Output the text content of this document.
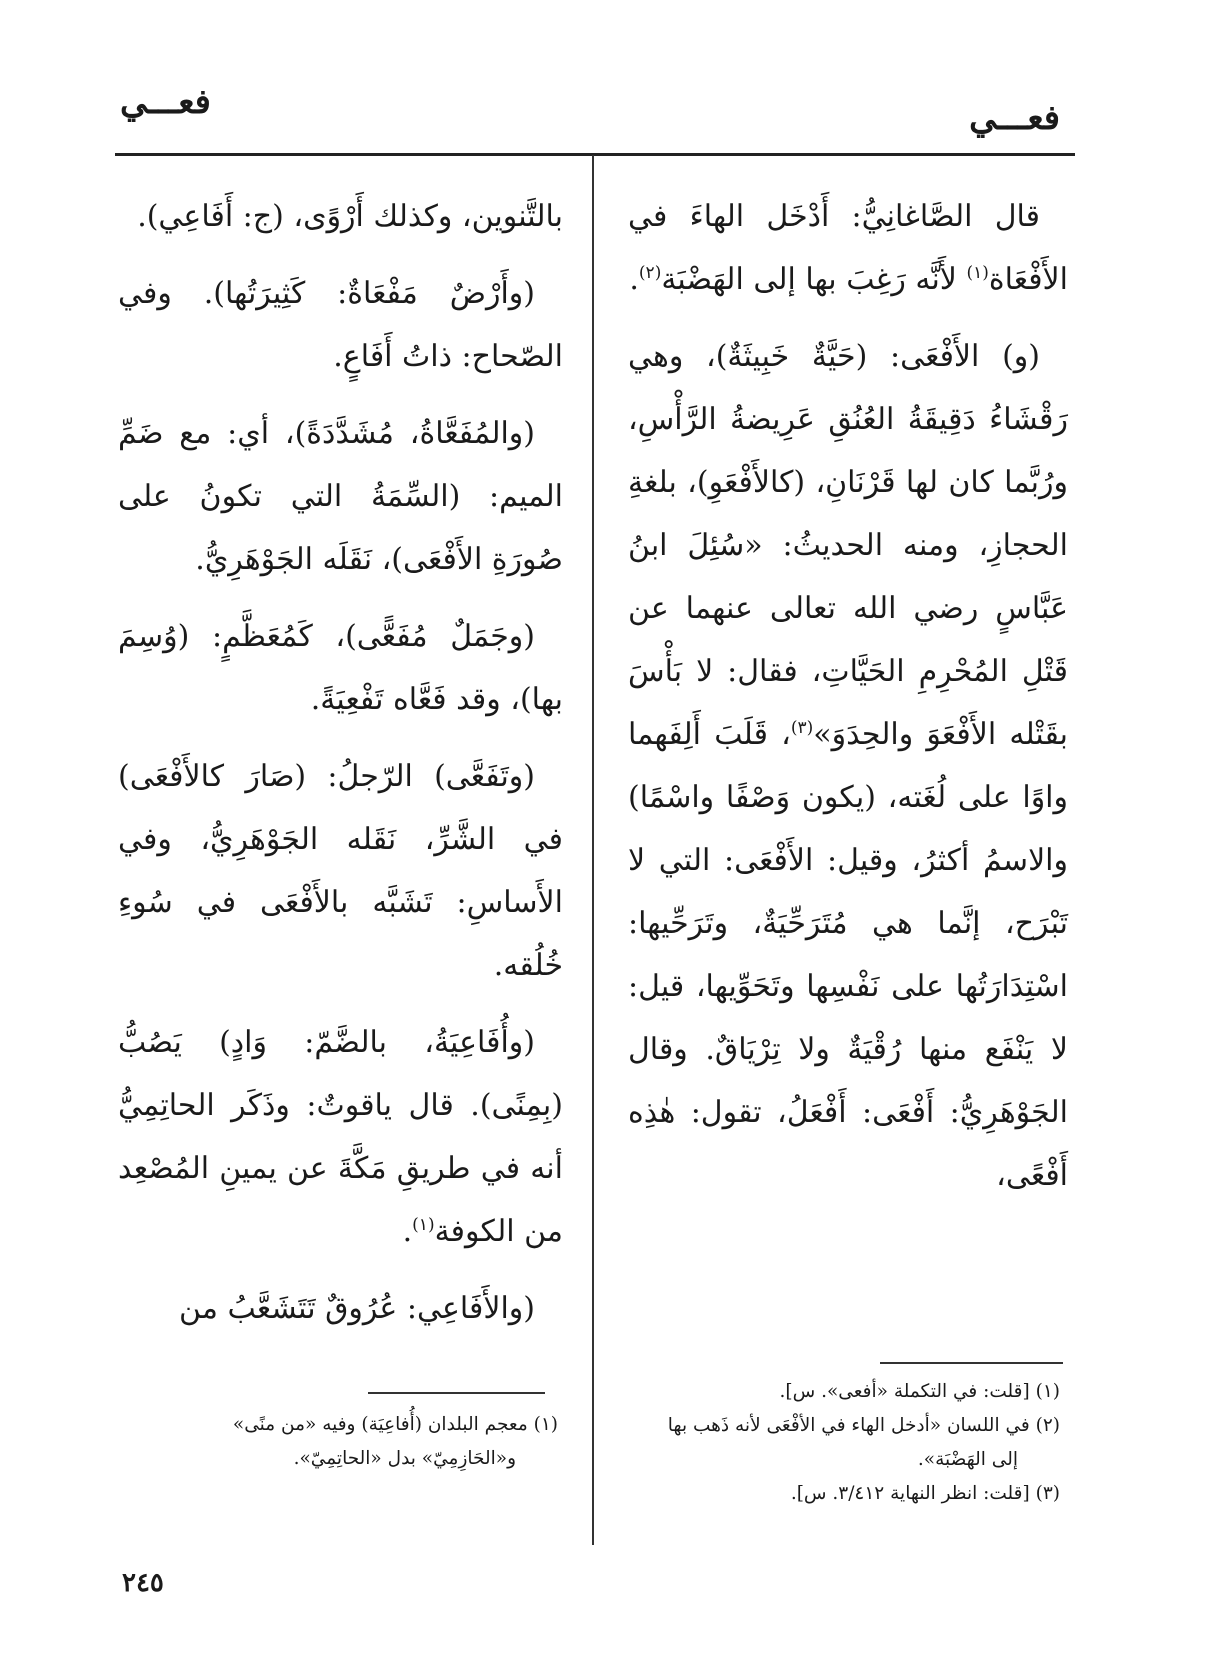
فعـــي
فعـــي

قال الصَّاغانِيُّ: أَدْخَل الهاءَ في الأَفْعَاة$^{(١)}$ لأَنَّه رَغِبَ بها إلى الهَضْبَة$^{(٢)}$.

(و) الأَفْعَى: (حَيَّةٌ خَبِيثَةٌ)، وهي رَقْشَاءُ دَقِيقَةُ العُنُقِ عَرِيضةُ الرَّأْسِ، ورُبَّما كان لها قَرْنَانِ، (كالأَفْعَوِ)، بلغةِ الحجازِ، ومنه الحديثُ: «سُئِلَ ابنُ عَبَّاسٍ رضي الله تعالى عنهما عن قَتْلِ المُحْرِمِ الحَيَّاتِ، فقال: لا بَأْسَ بقَتْله الأَفْعَوَ والحِدَوَ»$^{(٣)}$، قَلَبَ أَلِفَهما واوًا على لُغَته، (يكون وَصْفًا واسْمًا) والاسمُ أكثرُ، وقيل: الأَفْعَى: التي لا تَبْرَح، إنَّما هي مُتَرَحِّيَةٌ، وتَرَحِّيها: اسْتِدَارَتُها على نَفْسِها وتَحَوِّيها، قيل: لا يَنْفَع منها رُقْيَةٌ ولا تِرْيَاقٌ. وقال الجَوْهَرِيُّ: أَفْعَى: أَفْعَلُ، تقول: هٰذِه أَفْعًى،

(١) [قلت: في التكملة «أفعى». س].
(٢) في اللسان «أدخل الهاء في الأفْعَى لأنه ذَهب بها
إلى الهَضْبَة».
(٣) [قلت: انظر النهاية ٣/٤١٢. س].

بالتَّنوين، وكذلك أَرْوًى، (ج: أَفَاعِي).

(وأَرْضٌ مَفْعَاةٌ: كَثِيرَتُها). وفي الصّحاح: ذاتُ أَفَاعٍ.

(والمُفَعَّاةُ، مُشَدَّدَةً)، أي: مع ضَمِّ الميم: (السِّمَةُ التي تكونُ على صُورَةِ الأَفْعَى)، نَقَلَه الجَوْهَرِيُّ.

(وجَمَلٌ مُفَعًّى)، كَمُعَظَّمٍ: (وُسِمَ بها)، وقد فَعَّاه تَفْعِيَةً.

(وتَفَعَّى) الرّجلُ: (صَارَ كالأَفْعَى) في الشَّرِّ، نَقَله الجَوْهَرِيُّ، وفي الأَساسِ: تَشَبَّه بالأَفْعَى في سُوءِ خُلُقه.

(وأُفَاعِيَةُ، بالضَّمّ: وَادٍ) يَصُبُّ (بِمِنًى). قال ياقوتٌ: وذَكَر الحاتِمِيُّ أنه في طريقِ مَكَّةَ عن يمينِ المُصْعِد من الكوفة$^{(١)}$.

(والأَفَاعِي: عُرُوقٌ تَتَشَعَّبُ من

(١) معجم البلدان (أُفاعِيَة) وفيه «من منًى»
و«الحَازِمِيّ» بدل «الحاتِمِيّ».
٢٤٥
